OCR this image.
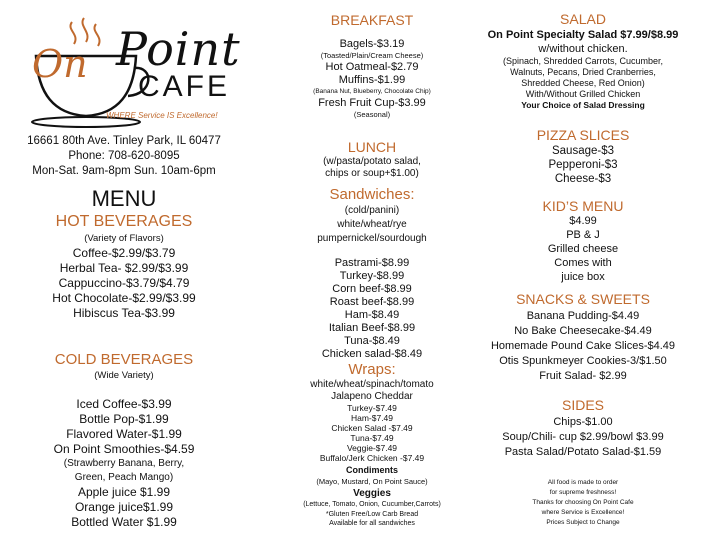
On Point
CAFE
WHERE Service IS Excellence!
16661 80th Ave. Tinley Park, IL 60477
Phone: 708-620-8095
Mon-Sat. 9am-8pm Sun. 10am-6pm
MENU
HOT BEVERAGES
(Variety of Flavors)
Coffee-$2.99/$3.79
Herbal Tea- $2.99/$3.99
Cappuccino-$3.79/$4.79
Hot Chocolate-$2.99/$3.99
Hibiscus Tea-$3.99
COLD BEVERAGES
(Wide Variety)
Iced Coffee-$3.99
Bottle Pop-$1.99
Flavored Water-$1.99
On Point Smoothies-$4.59
(Strawberry Banana, Berry,
Green, Peach Mango)
Apple juice $1.99
Orange juice$1.99
Bottled Water $1.99
BREAKFAST
Bagels-$3.19
(Toasted/Plain/Cream Cheese)
Hot Oatmeal-$2.79
Muffins-$1.99
(Banana Nut, Blueberry, Chocolate Chip)
Fresh Fruit Cup-$3.99
(Seasonal)
LUNCH
(w/pasta/potato salad,
chips or soup+$1.00)
Sandwiches:
(cold/panini)
white/wheat/rye
pumpernickel/sourdough
Pastrami-$8.99
Turkey-$8.99
Corn beef-$8.99
Roast beef-$8.99
Ham-$8.49
Italian Beef-$8.99
Tuna-$8.49
Chicken salad-$8.49
Wraps:
white/wheat/spinach/tomato
Jalapeno Cheddar
Turkey-$7.49
Ham-$7.49
Chicken Salad -$7.49
Tuna-$7.49
Veggie-$7.49
Buffalo/Jerk Chicken -$7.49
Condiments
(Mayo, Mustard, On Point Sauce)
Veggies
(Lettuce, Tomato, Onion, Cucumber,Carrots)
*Gluten Free/Low Carb Bread
Available for all sandwiches
SALAD
On Point Specialty Salad $7.99/$8.99
w/without chicken.
(Spinach, Shredded Carrots, Cucumber,
Walnuts, Pecans, Dried Cranberries,
Shredded Cheese, Red Onion)
With/Without Grilled Chicken
Your Choice of Salad Dressing
PIZZA SLICES
Sausage-$3
Pepperoni-$3
Cheese-$3
KID’S MENU
$4.99
PB & J
Grilled cheese
Comes with
juice box
SNACKS & SWEETS
Banana Pudding-$4.49
No Bake Cheesecake-$4.49
Homemade Pound Cake Slices-$4.49
Otis Spunkmeyer Cookies-3/$1.50
Fruit Salad- $2.99
SIDES
Chips-$1.00
Soup/Chili- cup $2.99/bowl $3.99
Pasta Salad/Potato Salad-$1.59
All food is made to order
for supreme freshness!
Thanks for choosing On Point Cafe
where Service is Excellence!
Prices Subject to Change
